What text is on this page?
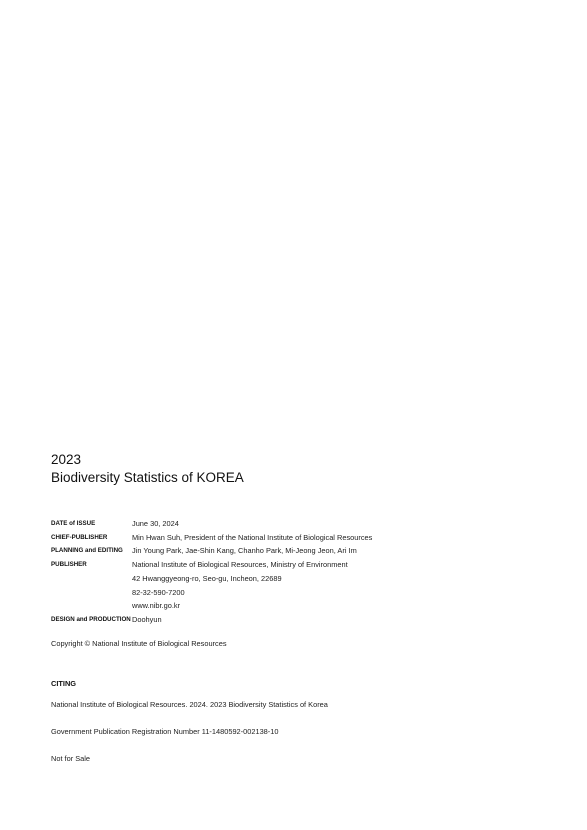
2023
Biodiversity Statistics of KOREA
DATE of ISSUE	June 30, 2024
CHIEF-PUBLISHER	Min Hwan Suh, President of the National Institute of Biological Resources
PLANNING and EDITING	Jin Young Park, Jae-Shin Kang, Chanho Park, Mi-Jeong Jeon, Ari Im
PUBLISHER	National Institute of Biological Resources, Ministry of Environment
42 Hwanggyeong-ro, Seo-gu, Incheon, 22689
82-32-590-7200
www.nibr.go.kr
DESIGN and PRODUCTION Doohyun
Copyright © National Institute of Biological Resources
CITING
National Institute of Biological Resources. 2024. 2023 Biodiversity Statistics of Korea
Government Publication Registration Number 11-1480592-002138-10
Not for Sale
